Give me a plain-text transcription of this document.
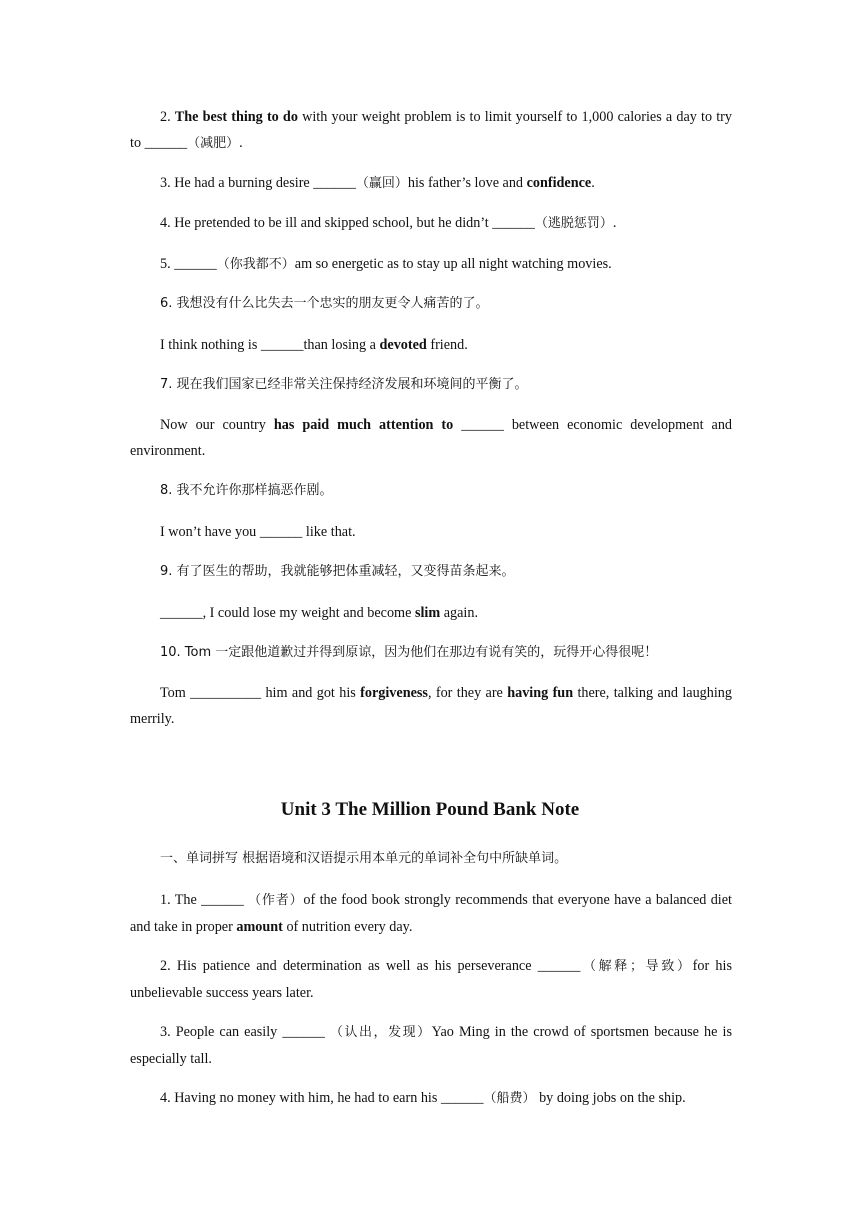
2. The best thing to do with your weight problem is to limit yourself to 1,000 calories a day to try to ______（减肥）.

3. He had a burning desire ______（赢回）his father’s love and confidence.

4. He pretended to be ill and skipped school, but he didn’t ______（逃脱惩罚）.

5. ______（你我都不）am so energetic as to stay up all night watching movies.

6. 我想没有什么比失去一个忠实的朋友更令人痛苦的了。

I think nothing is ______than losing a devoted friend.

7. 现在我们国家已经非常关注保持经济发展和环境间的平衡了。

Now our country has paid much attention to ______ between economic development and environment.

8. 我不允许你那样搞恶作剧。

I won’t have you ______ like that.

9. 有了医生的帮助，我就能够把体重减轻，又变得苗条起来。

______, I could lose my weight and become slim again.

10. Tom 一定跟他道歉过并得到原谅，因为他们在那边有说有笑的，玩得开心得很呢！

Tom __________ him and got his forgiveness, for they are having fun there, talking and laughing merrily.

Unit 3 The Million Pound Bank Note

一、单词拼写 根据语境和汉语提示用本单元的单词补全句中所缺单词。

1. The ______ （作者）of the food book strongly recommends that everyone have a balanced diet and take in proper amount of nutrition every day.

2. His patience and determination as well as his perseverance ______（解释；导致）for his unbelievable success years later.

3. People can easily ______ （认出，发现）Yao Ming in the crowd of sportsmen because he is especially tall.

4. Having no money with him, he had to earn his ______（船费） by doing jobs on the ship.
